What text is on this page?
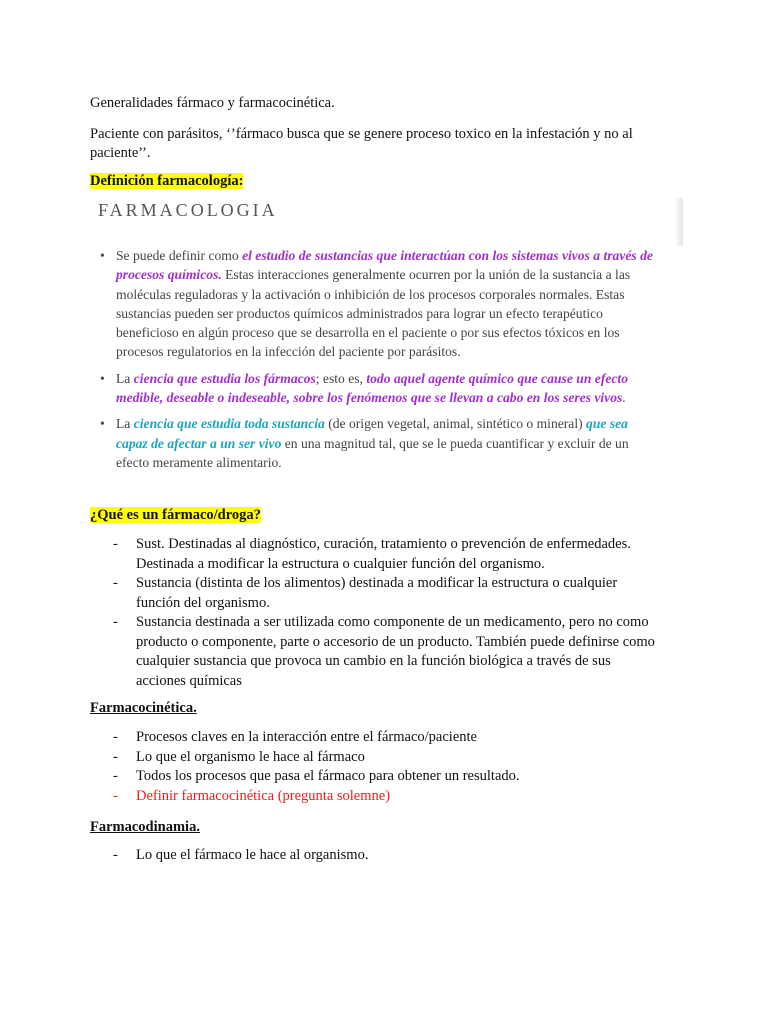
Generalidades fármaco y farmacocinética.

Paciente con parásitos, ‘’fármaco busca que se genere proceso toxico en la infestación y no al

paciente’’.

Definición farmacología:

FARMACOLOGIA
• Se puede definir como el estudio de sustancias que interactúan con los sistemas vivos a través de procesos químicos. Estas interacciones generalmente ocurren por la unión de la sustancia a las moléculas reguladoras y la activación o inhibición de los procesos corporales normales. Estas sustancias pueden ser productos químicos administrados para lograr un efecto terapéutico beneficioso en algún proceso que se desarrolla en el paciente o por sus efectos tóxicos en los procesos regulatorios en la infección del paciente por parásitos.
• La ciencia que estudia los fármacos; esto es, todo aquel agente químico que cause un efecto medible, deseable o indeseable, sobre los fenómenos que se llevan a cabo en los seres vivos.
• La ciencia que estudia toda sustancia (de origen vegetal, animal, sintético o mineral) que sea capaz de afectar a un ser vivo en una magnitud tal, que se le pueda cuantificar y excluir de un efecto meramente alimentario.

¿Qué es un fármaco/droga?

- Sust. Destinadas al diagnóstico, curación, tratamiento o prevención de enfermedades.
Destinada a modificar la estructura o cualquier función del organismo.
- Sustancia (distinta de los alimentos) destinada a modificar la estructura o cualquier
función del organismo.
- Sustancia destinada a ser utilizada como componente de un medicamento, pero no como
producto o componente, parte o accesorio de un producto. También puede definirse como
cualquier sustancia que provoca un cambio en la función biológica a través de sus
acciones químicas

Farmacocinética.

- Procesos claves en la interacción entre el fármaco/paciente
- Lo que el organismo le hace al fármaco
- Todos los procesos que pasa el fármaco para obtener un resultado.
- Definir farmacocinética (pregunta solemne)

Farmacodinamia.

- Lo que el fármaco le hace al organismo.
